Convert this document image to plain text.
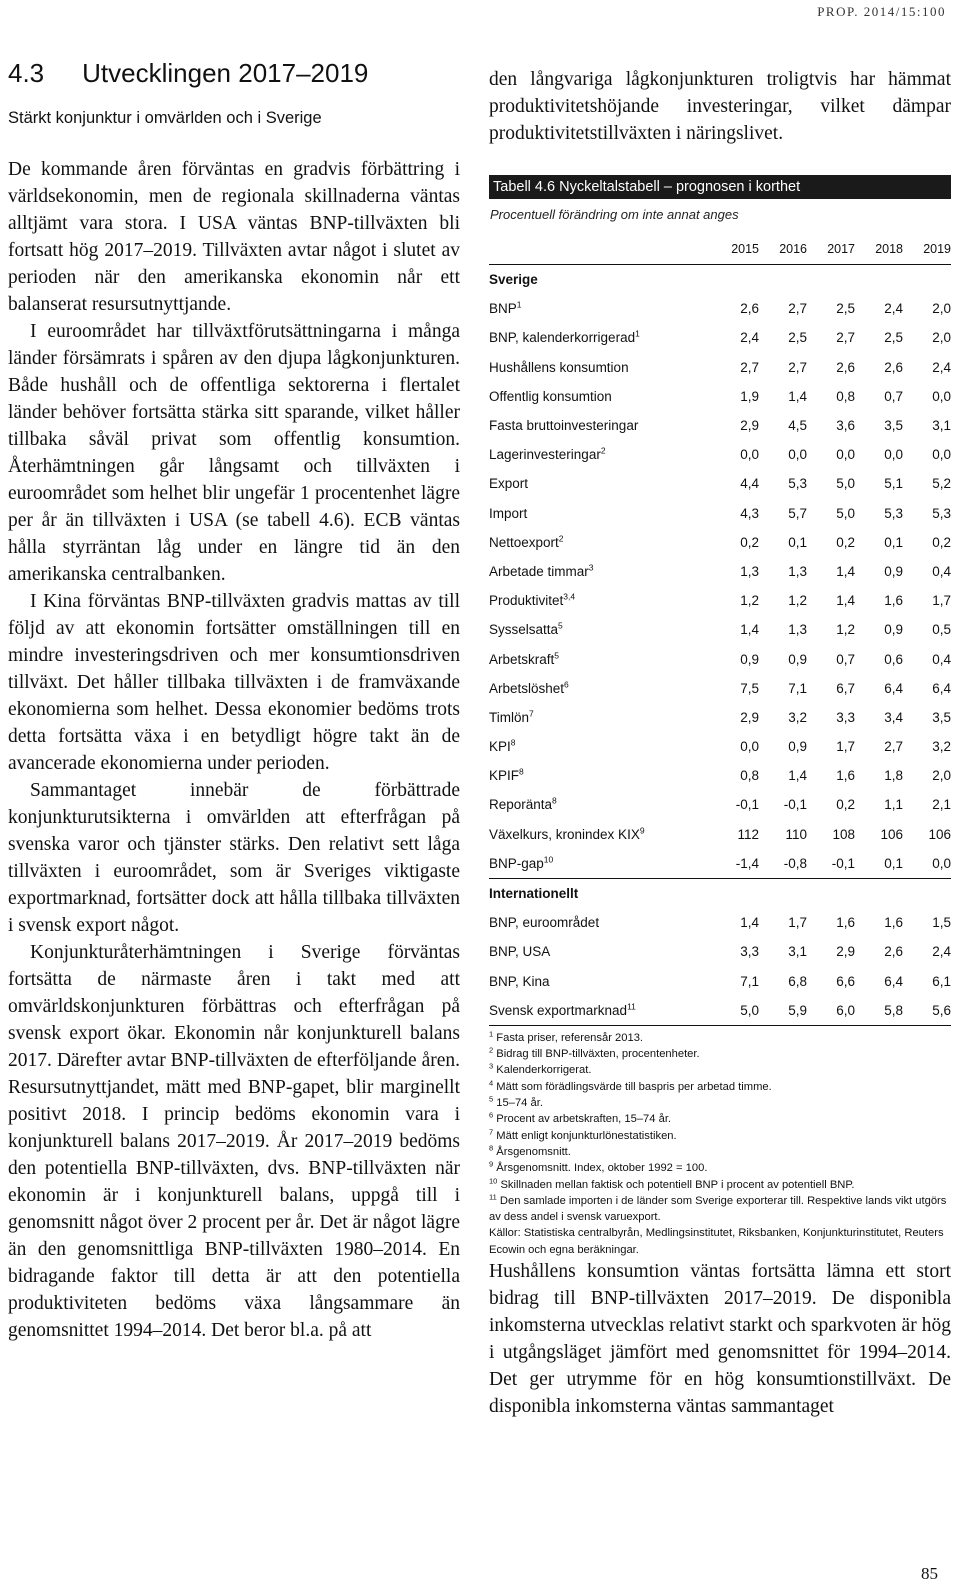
PROP. 2014/15:100
4.3 Utvecklingen 2017–2019
Stärkt konjunktur i omvärlden och i Sverige

De kommande åren förväntas en gradvis förbättring i världsekonomin, men de regionala skillnaderna väntas alltjämt vara stora. I USA väntas BNP-tillväxten bli fortsatt hög 2017–2019. Tillväxten avtar något i slutet av perioden när den amerikanska ekonomin når ett balanserat resursutnyttjande.

I euroområdet har tillväxtförutsättningarna i många länder försämrats i spåren av den djupa lågkonjunkturen. Både hushåll och de offentliga sektorerna i flertalet länder behöver fortsätta stärka sitt sparande, vilket håller tillbaka såväl privat som offentlig konsumtion. Återhämtningen går långsamt och tillväxten i euroområdet som helhet blir ungefär 1 procentenhet lägre per år än tillväxten i USA (se tabell 4.6). ECB väntas hålla styrräntan låg under en längre tid än den amerikanska centralbanken.

I Kina förväntas BNP-tillväxten gradvis mattas av till följd av att ekonomin fortsätter omställningen till en mindre investeringsdriven och mer konsumtionsdriven tillväxt. Det håller tillbaka tillväxten i de framväxande ekonomierna som helhet. Dessa ekonomier bedöms trots detta fortsätta växa i en betydligt högre takt än de avancerade ekonomierna under perioden.

Sammantaget innebär de förbättrade konjunkturutsikterna i omvärlden att efterfrågan på svenska varor och tjänster stärks. Den relativt sett låga tillväxten i euroområdet, som är Sveriges viktigaste exportmarknad, fortsätter dock att hålla tillbaka tillväxten i svensk export något.

Konjunkturåterhämtningen i Sverige förväntas fortsätta de närmaste åren i takt med att omvärldskonjunkturen förbättras och efterfrågan på svensk export ökar. Ekonomin når konjunkturell balans 2017. Därefter avtar BNP-tillväxten de efterföljande åren. Resursutnyttjandet, mätt med BNP-gapet, blir marginellt positivt 2018. I princip bedöms ekonomin vara i konjunkturell balans 2017–2019. År 2017–2019 bedöms den potentiella BNP-tillväxten, dvs. BNP-tillväxten när ekonomin är i konjunkturell balans, uppgå till i genomsnitt något över 2 procent per år. Det är något lägre än den genomsnittliga BNP-tillväxten 1980–2014. En bidragande faktor till detta är att den potentiella produktiviteten bedöms växa långsammare än genomsnittet 1994–2014. Det beror bl.a. på att

den långvariga lågkonjunkturen troligtvis har hämmat produktivitetshöjande investeringar, vilket dämpar produktivitetstillväxten i näringslivet.

Tabell 4.6 Nyckeltalstabell – prognosen i korthet
Procentuell förändring om inte annat anges
	2015	2016	2017	2018	2019
Sverige					
BNP$^1$	2,6	2,7	2,5	2,4	2,0
BNP, kalenderkorrigerad$^1$	2,4	2,5	2,7	2,5	2,0
Hushållens konsumtion	2,7	2,7	2,6	2,6	2,4
Offentlig konsumtion	1,9	1,4	0,8	0,7	0,0
Fasta bruttoinvesteringar	2,9	4,5	3,6	3,5	3,1
Lagerinvesteringar$^2$	0,0	0,0	0,0	0,0	0,0
Export	4,4	5,3	5,0	5,1	5,2
Import	4,3	5,7	5,0	5,3	5,3
Nettoexport$^2$	0,2	0,1	0,2	0,1	0,2
Arbetade timmar$^3$	1,3	1,3	1,4	0,9	0,4
Produktivitet$^{3,4}$	1,2	1,2	1,4	1,6	1,7
Sysselsatta$^5$	1,4	1,3	1,2	0,9	0,5
Arbetskraft$^5$	0,9	0,9	0,7	0,6	0,4
Arbetslöshet$^6$	7,5	7,1	6,7	6,4	6,4
Timlön$^7$	2,9	3,2	3,3	3,4	3,5
KPI$^8$	0,0	0,9	1,7	2,7	3,2
KPIF$^8$	0,8	1,4	1,6	1,8	2,0
Reporänta$^8$	-0,1	-0,1	0,2	1,1	2,1
Växelkurs, kronindex KIX$^9$	112	110	108	106	106
BNP-gap$^{10}$	-1,4	-0,8	-0,1	0,1	0,0
Internationellt					
BNP, euroområdet	1,4	1,7	1,6	1,6	1,5
BNP, USA	3,3	3,1	2,9	2,6	2,4
BNP, Kina	7,1	6,8	6,6	6,4	6,1
Svensk exportmarknad$^{11}$	5,0	5,9	6,0	5,8	5,6
$^1$ Fasta priser, referensår 2013.
$^2$ Bidrag till BNP-tillväxten, procentenheter.
$^3$ Kalenderkorrigerat.
$^4$ Mätt som förädlingsvärde till baspris per arbetad timme.
$^5$ 15–74 år.
$^6$ Procent av arbetskraften, 15–74 år.
$^7$ Mätt enligt konjunkturlönestatistiken.
$^8$ Årsgenomsnitt.
$^9$ Årsgenomsnitt. Index, oktober 1992 = 100.
$^{10}$ Skillnaden mellan faktisk och potentiell BNP i procent av potentiell BNP.
$^{11}$ Den samlade importen i de länder som Sverige exporterar till. Respektive lands vikt utgörs av dess andel i svensk varuexport.
Källor: Statistiska centralbyrån, Medlingsinstitutet, Riksbanken, Konjunkturinstitutet, Reuters Ecowin och egna beräkningar.

Hushållens konsumtion väntas fortsätta lämna ett stort bidrag till BNP-tillväxten 2017–2019. De disponibla inkomsterna utvecklas relativt starkt och sparkvoten är hög i utgångsläget jämfört med genomsnittet för 1994–2014. Det ger utrymme för en hög konsumtionstillväxt. De disponibla inkomsterna väntas sammantaget

85
